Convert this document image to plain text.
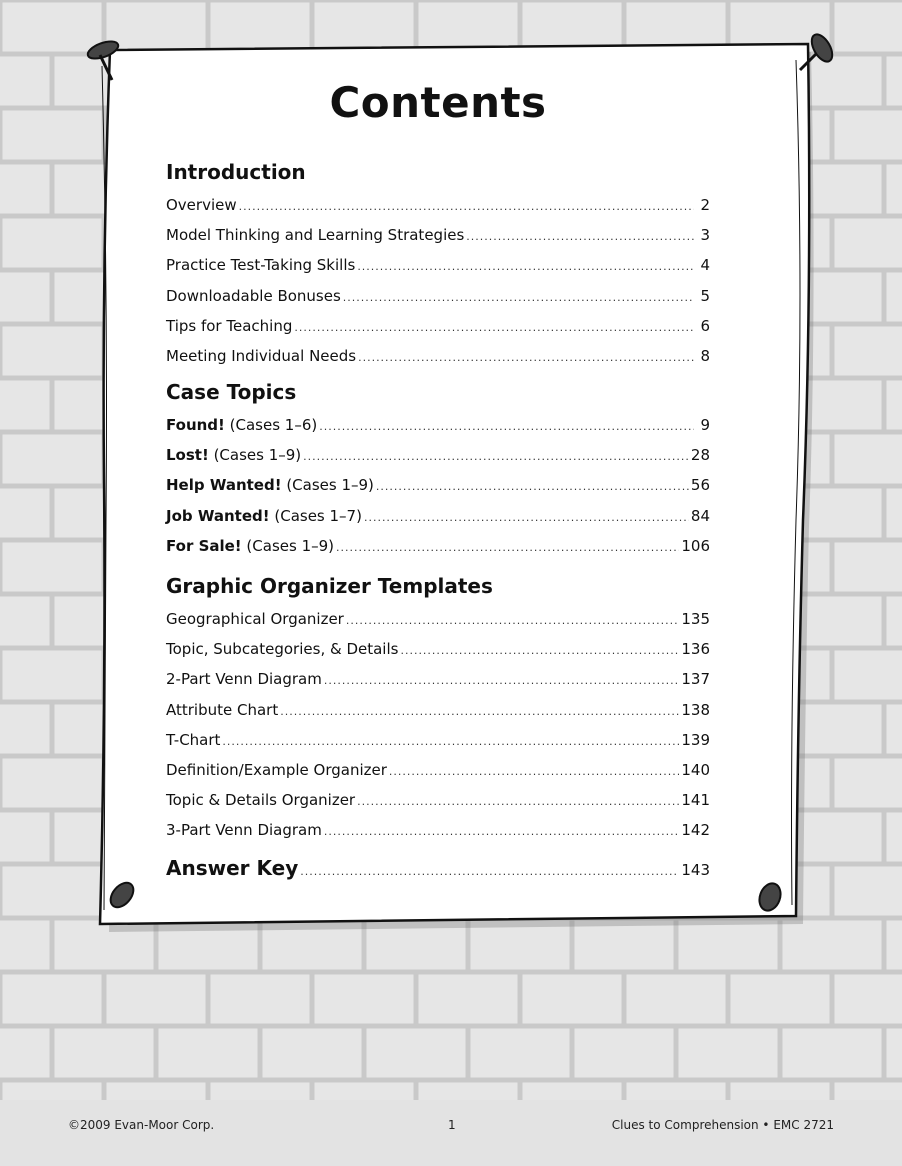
Contents
Introduction
Overview .....	2
Model Thinking and Learning Strategies .....	3
Practice Test-Taking Skills .....	4
Downloadable Bonuses .....	5
Tips for Teaching .....	6
Meeting Individual Needs .....	8
Case Topics
Found! (Cases 1–6) .....	9
Lost! (Cases 1–9) .....	28
Help Wanted! (Cases 1–9) .....	56
Job Wanted! (Cases 1–7) .....	84
For Sale! (Cases 1–9) .....	106
Graphic Organizer Templates
Geographical Organizer .....	135
Topic, Subcategories, & Details .....	136
2-Part Venn Diagram .....	137
Attribute Chart .....	138
T-Chart .....	139
Definition/Example Organizer .....	140
Topic & Details Organizer .....	141
3-Part Venn Diagram .....	142
Answer Key .....	143
©2009 Evan-Moor Corp.	1	Clues to Comprehension • EMC 2721
